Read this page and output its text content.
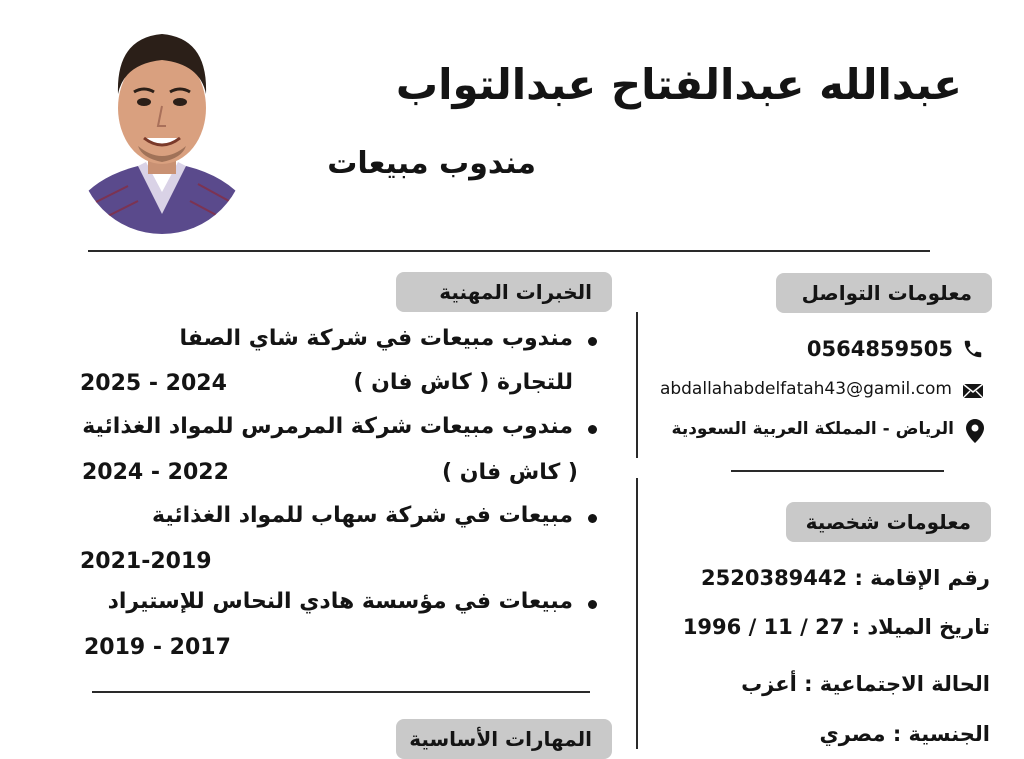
عبدالله عبدالفتاح عبدالتواب
مندوب مبيعات
معلومات التواصل
0564859505
abdallahabdelfatah43@gamil.com
الرياض - المملكة العربية السعودية
معلومات شخصية
رقم الإقامة : 2520389442
تاريخ الميلاد : 27 / 11 / 1996
الحالة الاجتماعية : أعزب
الجنسية : مصري
الخبرات المهنية
مندوب مبيعات في شركة شاي الصفا
للتجارة ( كاش فان )
2025 - 2024
مندوب مبيعات شركة المرمرس للمواد الغذائية
( كاش فان )
2024 - 2022
مبيعات في شركة سهاب للمواد الغذائية
2021-2019
مبيعات في مؤسسة هادي النحاس للإستيراد
2019 - 2017
المهارات الأساسية
